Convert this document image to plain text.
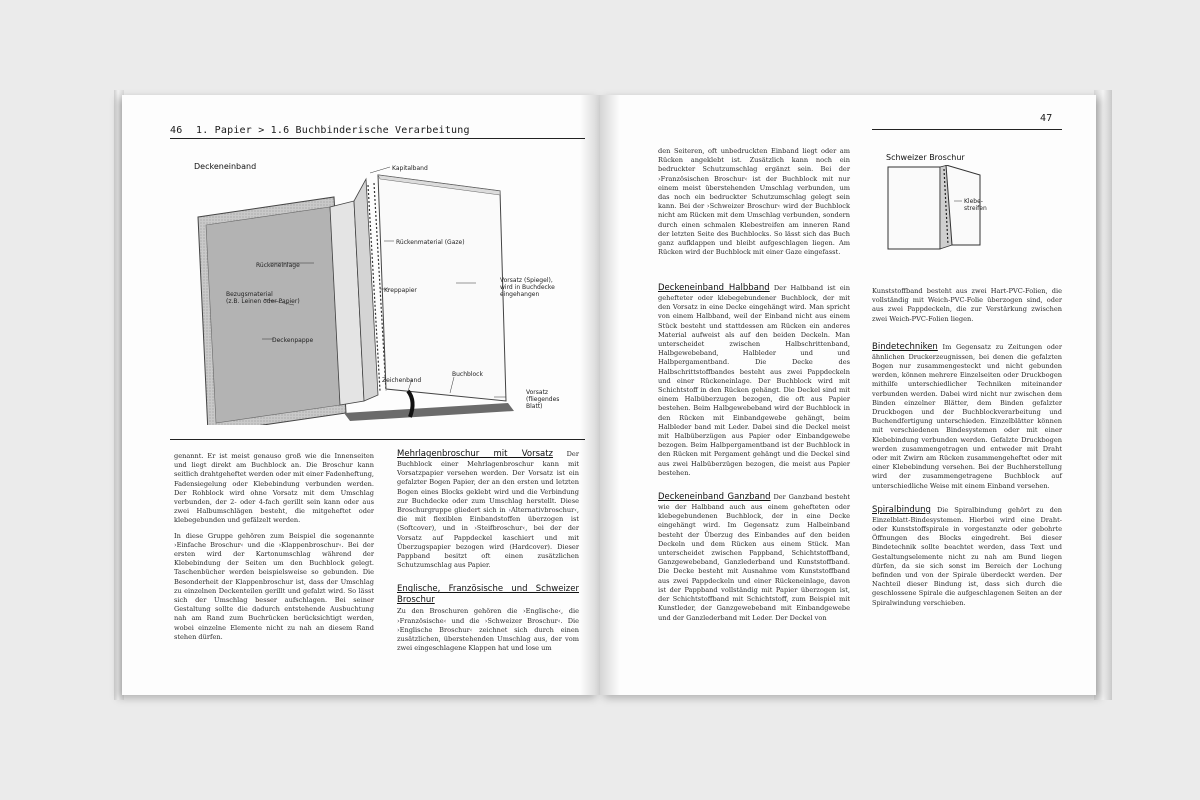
46 1. Papier > 1.6 Buchbinderische Verarbeitung
Deckeneinband	Kapitalband
Rückenmaterial (Gaze)
Rückeneinlage
Bezugsmaterial
(z.B. Leinen oder Papier)
Kreppapier
Vorsatz (Spiegel),
wird in Buchdecke
eingehangen
Deckenpappe
Zeichenband
Buchblock
Vorsatz
(fliegendes
Blatt)

genannt. Er ist meist genauso groß wie die Innenseiten und liegt direkt am Buchblock an. Die Broschur kann seitlich drahtgeheftet werden oder mit einer Fadenheftung, Fadensiegelung oder Klebebindung verbunden werden. Der Rohblock wird ohne Vorsatz mit dem Umschlag verbunden, der 2- oder 4-fach gerillt sein kann oder aus zwei Halbumschlägen besteht, die mitgeheftet oder klebegebunden und gefälzelt werden.

In diese Gruppe gehören zum Beispiel die sogenannte ›Einfache Broschur‹ und die ›Klappenbroschur‹. Bei der ersten wird der Kartonumschlag während der Klebebindung der Seiten um den Buchblock gelegt. Taschenbücher werden beispielsweise so gebunden. Die Besonderheit der Klappenbroschur ist, dass der Umschlag zu einzelnen Deckenteilen gerillt und gefalzt wird. So lässt sich der Umschlag besser aufschlagen. Bei seiner Gestaltung sollte die dadurch entstehende Ausbuchtung nah am Rand zum Buchrücken berücksichtigt werden, wobei einzelne Elemente nicht zu nah an diesem Rand stehen dürfen.

Mehrlagenbroschur mit Vorsatz Der Buchblock einer Mehrlagenbroschur kann mit Vorsatzpapier versehen werden. Der Vorsatz ist ein gefalzter Bogen Papier, der an den ersten und letzten Bogen eines Blocks geklebt wird und die Verbindung zur Buchdecke oder zum Umschlag herstellt. Diese Broschurgruppe gliedert sich in ›Alternativbroschur‹, die mit flexiblen Einbandstoffen überzogen ist (Softcover), und in ›Steifbroschur‹, bei der der Vorsatz auf Pappdeckel kaschiert und mit Überzugspapier bezogen wird (Hardcover). Dieser Pappband besitzt oft einen zusätzlichen Schutzumschlag aus Papier.
Englische, Französische und Schweizer Broschur
Zu den Broschuren gehören die ›Englische‹, die ›Französische‹ und die ›Schweizer Broschur‹. Die ›Englische Broschur‹ zeichnet sich durch einen zusätzlichen, überstehenden Umschlag aus, der vom zwei eingeschlagene Klappen hat und lose um
47
den Seiteren, oft unbedruckten Einband liegt oder am Rücken angeklebt ist. Zusätzlich kann noch ein bedruckter Schutzumschlag ergänzt sein. Bei der ›Französischen Broschur‹ ist der Buchblock mit nur einem meist überstehenden Umschlag verbunden, um das noch ein bedruckter Schutzumschlag gelegt sein kann. Bei der ›Schweizer Broschur‹ wird der Buchblock nicht am Rücken mit dem Umschlag verbunden, sondern durch einen schmalen Klebestreifen am inneren Rand der letzten Seite des Buchblocks. So lässt sich das Buch ganz aufklappen und bleibt aufgeschlagen liegen. Am Rücken wird der Buchblock mit einer Gaze eingefasst.
Schweizer Broschur
Klebe-
streifen
Deckeneinband Halbband Der Halbband ist ein gehefteter oder klebegebundener Buchblock, der mit den Vorsatz in eine Decke eingehängt wird. Man spricht von einem Halbband, weil der Einband nicht aus einem Stück besteht und stattdessen am Rücken ein anderes Material aufweist als auf den beiden Deckeln. Man unterscheidet zwischen Halbschrittenband, Halbgewebeband, Halbleder und und Halbpergamentband. Die Decke des Halbschrittstoffbandes besteht aus zwei Pappdeckeln und einer Rückeneinlage. Der Buchblock wird mit Schichtstoff in den Rücken gehängt. Die Deckel sind mit einem Halbüberzugen bezogen, die oft aus Papier bestehen. Beim Halbgewebeband wird der Buchblock in den Rücken mit Einbandgewebe gehängt, beim Halbleder band mit Leder. Dabei sind die Deckel meist mit Halbüberzügen aus Papier oder Einbandgewebe bezogen. Beim Halbpergamentband ist der Buchblock in den Rücken mit Pergament gehängt und die Deckel sind aus zwei Halbüberzügen bezogen, die meist aus Papier bestehen.
Deckeneinband Ganzband Der Ganzband besteht wie der Halbband auch aus einem gehefteten oder klebegebundenen Buchblock, der in eine Decke eingehängt wird. Im Gegensatz zum Halbeinband besteht der Überzug des Einbandes auf den beiden Deckeln und dem Rücken aus einem Stück. Man unterscheidet zwischen Pappband, Schichtstoffband, Ganzgewebeband, Ganzlederband und Kunststoffband. Die Decke besteht mit Ausnahme vom Kunststoffband aus zwei Pappdeckeln und einer Rückeneinlage, davon ist der Pappband vollständig mit Papier überzogen ist, der Schichtstoffband mit Schichtstoff, zum Beispiel mit Kunstleder, der Ganzgewebeband mit Einbandgewebe und der Ganzlederband mit Leder. Der Deckel von

Kunststoffband besteht aus zwei Hart-PVC-Folien, die vollständig mit Weich-PVC-Folie überzogen sind, oder aus zwei Pappdeckeln, die zur Verstärkung zwischen zwei Weich-PVC-Folien liegen.

Bindetechniken Im Gegensatz zu Zeitungen oder ähnlichen Druckerzeugnissen, bei denen die gefalzten Bogen nur zusammengesteckt und nicht gebunden werden, können mehrere Einzelseiten oder Druckbogen mithilfe unterschiedlicher Techniken miteinander verbunden werden. Dabei wird nicht nur zwischen dem Binden einzelner Blätter, dem Binden gefalzter Druckbogen und der Buchblockverarbeitung und Buchendfertigung unterschieden. Einzelblätter können mit verschiedenen Bindesystemen oder mit einer Klebebindung verbunden werden. Gefalzte Druckbogen werden zusammengetragen und entweder mit Draht oder mit Zwirn am Rücken zusammengeheftet oder mit einer Klebebindung versehen. Bei der Buchherstellung wird der zusammengetragene Buchblock auf unterschiedliche Weise mit einem Einband versehen.
Spiralbindung Die Spiralbindung gehört zu den Einzelblatt-Bindesystemen. Hierbei wird eine Draht- oder Kunststoffspirale in vorgestanzte oder gebohrte Öffnungen des Blocks eingedreht. Bei dieser Bindetechnik sollte beachtet werden, dass Text und Gestaltungselemente nicht zu nah am Bund liegen dürfen, da sie sich sonst im Bereich der Lochung befinden und von der Spirale überdeckt werden. Der Nachteil dieser Bindung ist, dass sich durch die geschlossene Spirale die aufgeschlagenen Seiten an der Spiralwindung verschieben.
